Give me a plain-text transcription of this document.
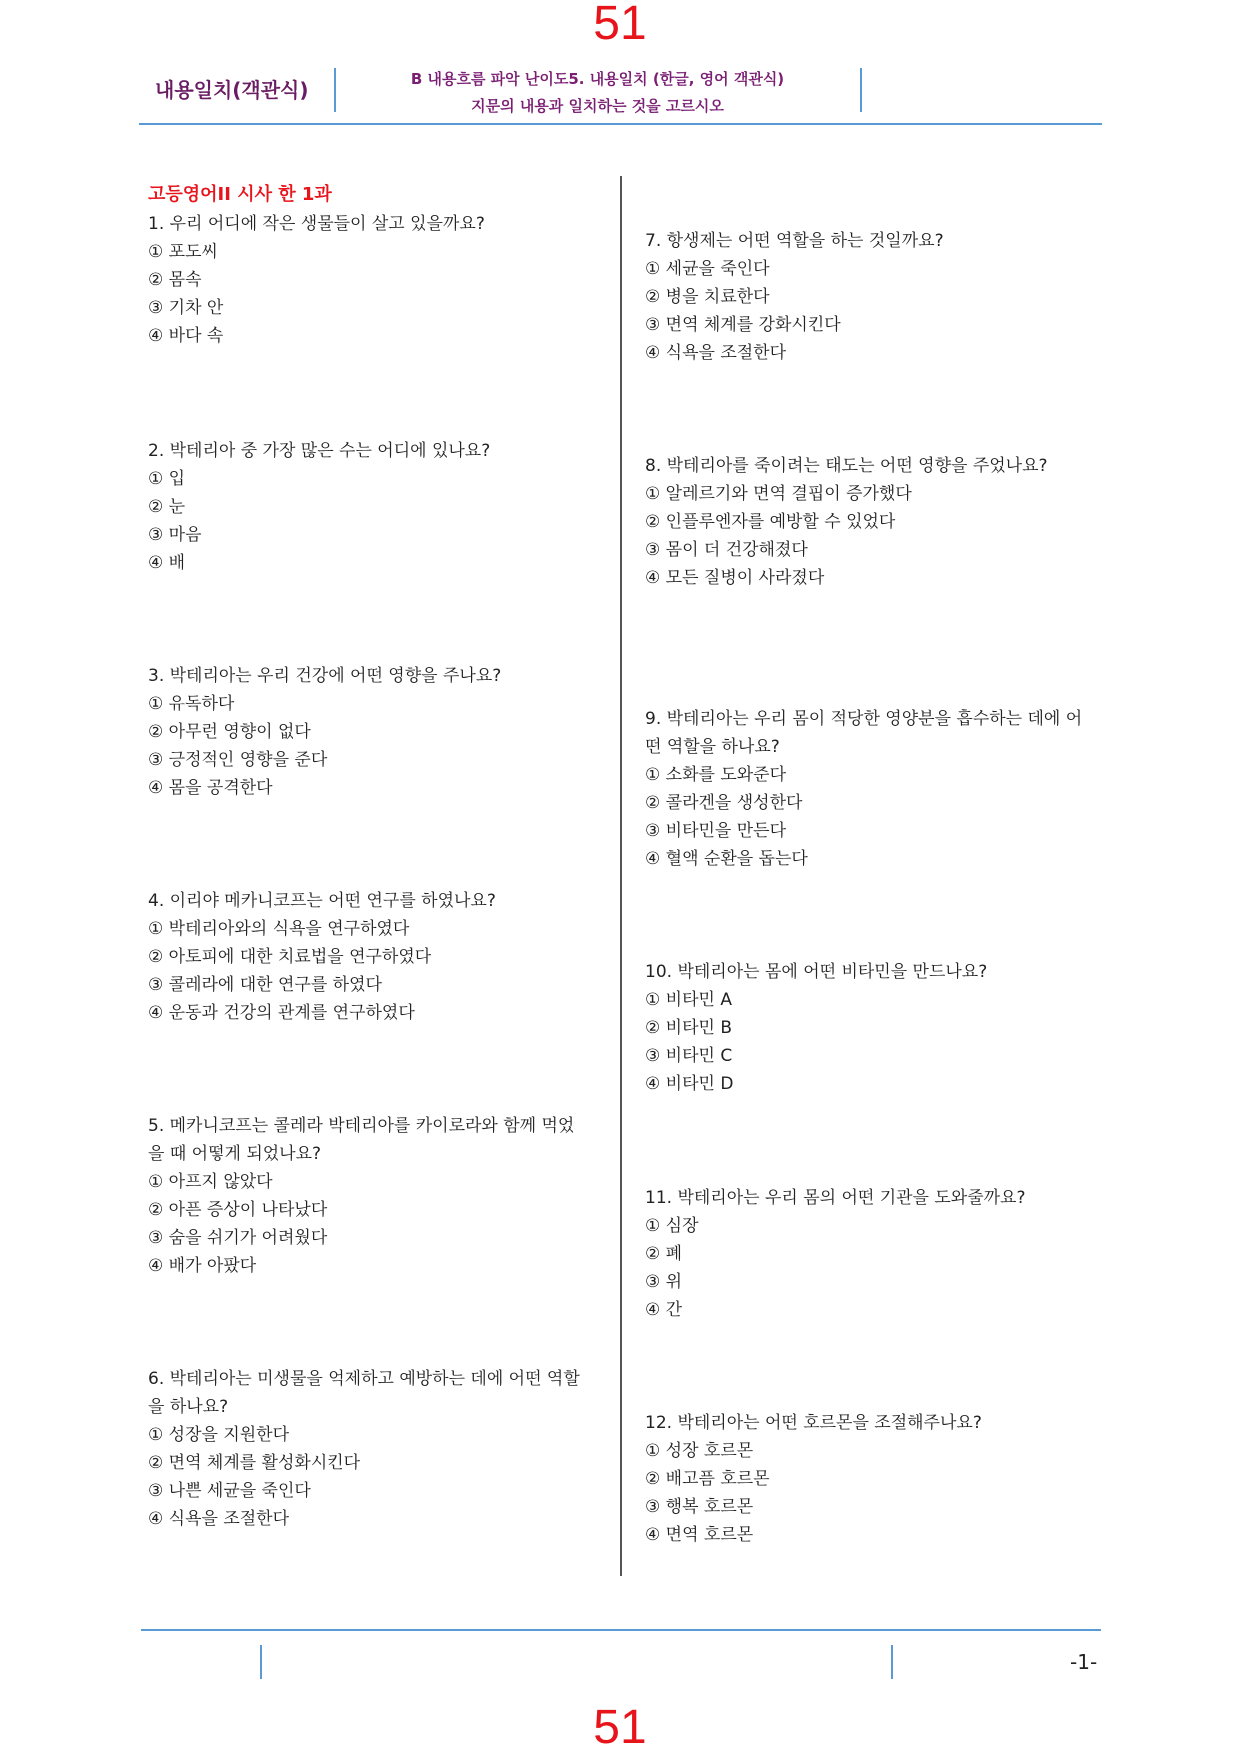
51
내용일치(객관식)	B 내용흐름 파악 난이도5. 내용일치 (한글, 영어 객관식)
지문의 내용과 일치하는 것을 고르시오
고등영어II 시사 한 1과
1. 우리 어디에 작은 생물들이 살고 있을까요?
① 포도씨
② 몸속
③ 기차 안
④ 바다 속
2. 박테리아 중 가장 많은 수는 어디에 있나요?
① 입
② 눈
③ 마음
④ 배
3. 박테리아는 우리 건강에 어떤 영향을 주나요?
① 유독하다
② 아무런 영향이 없다
③ 긍정적인 영향을 준다
④ 몸을 공격한다
4. 이리야 메카니코프는 어떤 연구를 하였나요?
① 박테리아와의 식욕을 연구하였다
② 아토피에 대한 치료법을 연구하였다
③ 콜레라에 대한 연구를 하였다
④ 운동과 건강의 관계를 연구하였다
5. 메카니코프는 콜레라 박테리아를 카이로라와 함께 먹었을 때 어떻게 되었나요?
① 아프지 않았다
② 아픈 증상이 나타났다
③ 숨을 쉬기가 어려웠다
④ 배가 아팠다
6. 박테리아는 미생물을 억제하고 예방하는 데에 어떤 역할을 하나요?
① 성장을 지원한다
② 면역 체계를 활성화시킨다
③ 나쁜 세균을 죽인다
④ 식욕을 조절한다
7. 항생제는 어떤 역할을 하는 것일까요?
① 세균을 죽인다
② 병을 치료한다
③ 면역 체계를 강화시킨다
④ 식욕을 조절한다
8. 박테리아를 죽이려는 태도는 어떤 영향을 주었나요?
① 알레르기와 면역 결핍이 증가했다
② 인플루엔자를 예방할 수 있었다
③ 몸이 더 건강해졌다
④ 모든 질병이 사라졌다
9. 박테리아는 우리 몸이 적당한 영양분을 흡수하는 데에 어떤 역할을 하나요?
① 소화를 도와준다
② 콜라겐을 생성한다
③ 비타민을 만든다
④ 혈액 순환을 돕는다
10. 박테리아는 몸에 어떤 비타민을 만드나요?
① 비타민 A
② 비타민 B
③ 비타민 C
④ 비타민 D
11. 박테리아는 우리 몸의 어떤 기관을 도와줄까요?
① 심장
② 폐
③ 위
④ 간
12. 박테리아는 어떤 호르몬을 조절해주나요?
① 성장 호르몬
② 배고픔 호르몬
③ 행복 호르몬
④ 면역 호르몬
-1-
51
